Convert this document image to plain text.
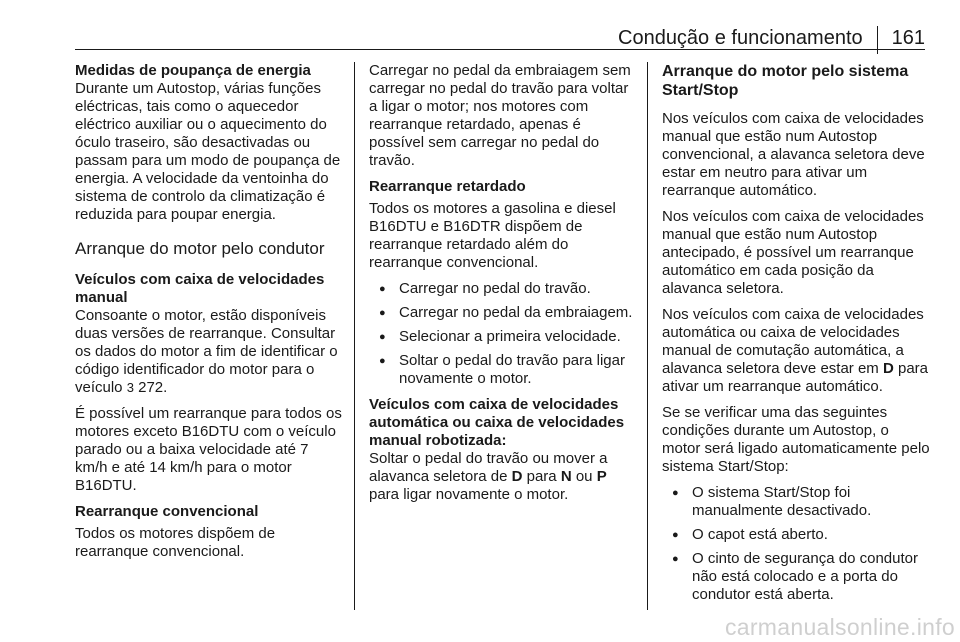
Condução e funcionamento 161
Medidas de poupança de energia

Durante um Autostop, várias funções eléctricas, tais como o aquecedor eléctrico auxiliar ou o aquecimento do óculo traseiro, são desactivadas ou passam para um modo de poupança de energia. A velocidade da ventoinha do sistema de controlo da climatização é reduzida para poupar energia.

Arranque do motor pelo condutor
Veículos com caixa de velocidades manual

Consoante o motor, estão disponíveis duas versões de rearranque. Consultar os dados do motor a fim de identificar o código identificador do motor para o veículo 3 272.

É possível um rearranque para todos os motores exceto B16DTU com o veículo parado ou a baixa velocidade até 7 km/h e até 14 km/h para o motor B16DTU.

Rearranque convencional

Todos os motores dispõem de rearranque convencional.

Carregar no pedal da embraiagem sem carregar no pedal do travão para voltar a ligar o motor; nos motores com rearranque retardado, apenas é possível sem carregar no pedal do travão.

Rearranque retardado

Todos os motores a gasolina e diesel B16DTU e B16DTR dispõem de rearranque retardado além do rearranque convencional.

● Carregar no pedal do travão.
● Carregar no pedal da embraiagem.
● Selecionar a primeira velocidade.
● Soltar o pedal do travão para ligar novamente o motor.
Veículos com caixa de velocidades automática ou caixa de velocidades manual robotizada:

Soltar o pedal do travão ou mover a alavanca seletora de D para N ou P para ligar novamente o motor.

Arranque do motor pelo sistema Start/Stop

Nos veículos com caixa de velocidades manual que estão num Autostop convencional, a alavanca seletora deve estar em neutro para ativar um rearranque automático.

Nos veículos com caixa de velocidades manual que estão num Autostop antecipado, é possível um rearranque automático em cada posição da alavanca seletora.

Nos veículos com caixa de velocidades automática ou caixa de velocidades manual de comutação automática, a alavanca seletora deve estar em D para ativar um rearranque automático.

Se se verificar uma das seguintes condições durante um Autostop, o motor será ligado automaticamente pelo sistema Start/Stop:

● O sistema Start/Stop foi manualmente desactivado.
● O capot está aberto.
● O cinto de segurança do condutor não está colocado e a porta do condutor está aberta.
carmanualsonline.info
